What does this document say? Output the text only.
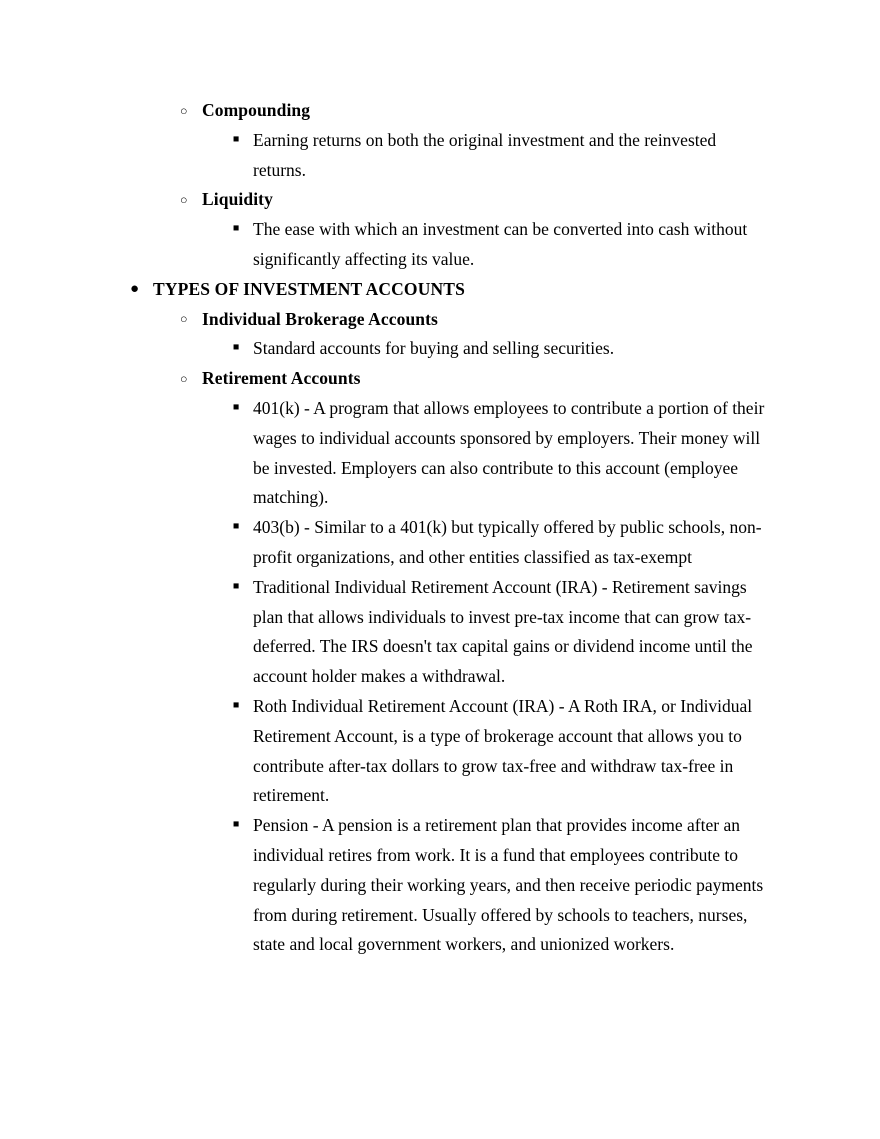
○ Compounding
■ Earning returns on both the original investment and the reinvested returns.
○ Liquidity
■ The ease with which an investment can be converted into cash without significantly affecting its value.
● TYPES OF INVESTMENT ACCOUNTS
○ Individual Brokerage Accounts
■ Standard accounts for buying and selling securities.
○ Retirement Accounts
■ 401(k) - A program that allows employees to contribute a portion of their wages to individual accounts sponsored by employers. Their money will be invested. Employers can also contribute to this account (employee matching).
■ 403(b) - Similar to a 401(k) but typically offered by public schools, non-profit organizations, and other entities classified as tax-exempt
■ Traditional Individual Retirement Account (IRA) - Retirement savings plan that allows individuals to invest pre-tax income that can grow tax-deferred. The IRS doesn't tax capital gains or dividend income until the account holder makes a withdrawal.
■ Roth Individual Retirement Account (IRA) - A Roth IRA, or Individual Retirement Account, is a type of brokerage account that allows you to contribute after-tax dollars to grow tax-free and withdraw tax-free in retirement.
■ Pension - A pension is a retirement plan that provides income after an individual retires from work. It is a fund that employees contribute to regularly during their working years, and then receive periodic payments from during retirement. Usually offered by schools to teachers, nurses, state and local government workers, and unionized workers.
